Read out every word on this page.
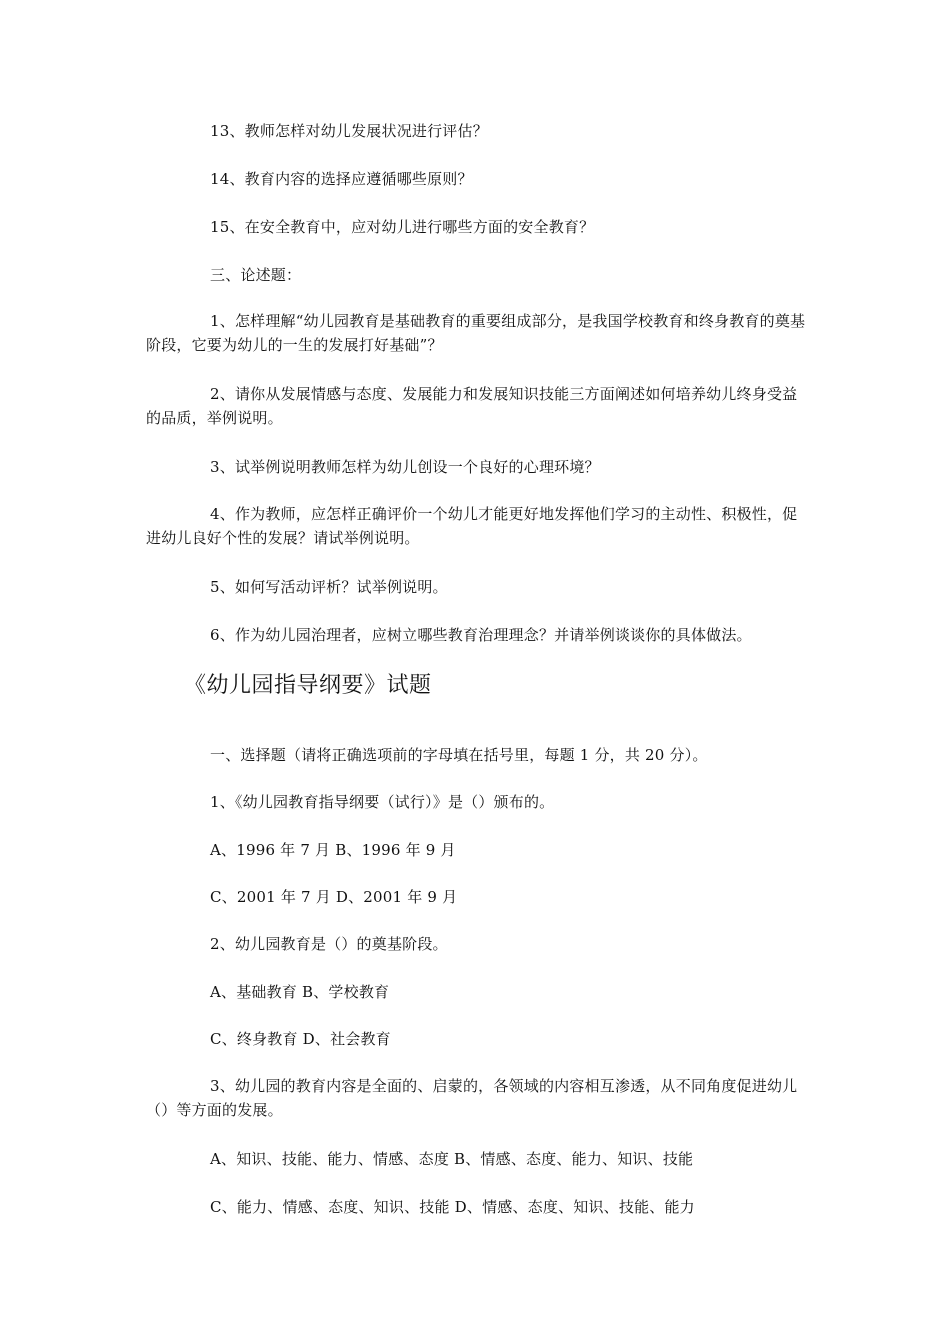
13、教师怎样对幼儿发展状况进行评估？
14、教育内容的选择应遵循哪些原则？
15、在安全教育中，应对幼儿进行哪些方面的安全教育？
三、论述题：
1、怎样理解“幼儿园教育是基础教育的重要组成部分，是我国学校教育和终身教育的奠基阶段，它要为幼儿的一生的发展打好基础”？
2、请你从发展情感与态度、发展能力和发展知识技能三方面阐述如何培养幼儿终身受益的品质，举例说明。
3、试举例说明教师怎样为幼儿创设一个良好的心理环境？
4、作为教师，应怎样正确评价一个幼儿才能更好地发挥他们学习的主动性、积极性，促进幼儿良好个性的发展？请试举例说明。
5、如何写活动评析？试举例说明。
6、作为幼儿园治理者，应树立哪些教育治理理念？并请举例谈谈你的具体做法。
《幼儿园指导纲要》试题
一、选择题（请将正确选项前的字母填在括号里，每题 1 分，共 20 分）。
1、《幼儿园教育指导纲要（试行）》是（）颁布的。
A、1996 年 7 月 B、1996 年 9 月
C、2001 年 7 月 D、2001 年 9 月
2、幼儿园教育是（）的奠基阶段。
A、基础教育 B、学校教育
C、终身教育 D、社会教育
3、幼儿园的教育内容是全面的、启蒙的，各领域的内容相互渗透，从不同角度促进幼儿（）等方面的发展。
A、知识、技能、能力、情感、态度 B、情感、态度、能力、知识、技能
C、能力、情感、态度、知识、技能 D、情感、态度、知识、技能、能力
